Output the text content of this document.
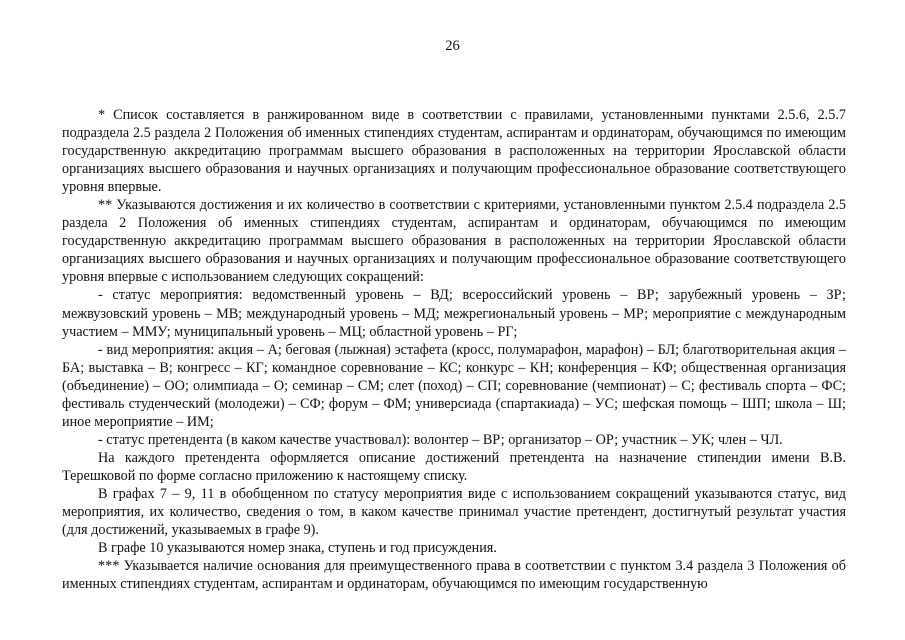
26

* Список составляется в ранжированном виде в соответствии с правилами, установленными пунктами 2.5.6, 2.5.7 подраздела 2.5 раздела 2 Положения об именных стипендиях студентам, аспирантам и ординаторам, обучающимся по имеющим государственную аккредитацию программам высшего образования в расположенных на территории Ярославской области организациях высшего образования и научных организациях и получающим профессиональное образование соответствующего уровня впервые.

** Указываются достижения и их количество в соответствии с критериями, установленными пунктом 2.5.4 подраздела 2.5 раздела 2 Положения об именных стипендиях студентам, аспирантам и ординаторам, обучающимся по имеющим государственную аккредитацию программам высшего образования в расположенных на территории Ярославской области организациях высшего образования и научных организациях и получающим профессиональное образование соответствующего уровня впервые с использованием следующих сокращений:

- статус мероприятия: ведомственный уровень – ВД; всероссийский уровень – ВР; зарубежный уровень – ЗР; межвузовский уровень – МВ; международный уровень – МД; межрегиональный уровень – МР; мероприятие с международным участием – ММУ; муниципальный уровень – МЦ; областной уровень – РГ;

- вид мероприятия: акция – А; беговая (лыжная) эстафета (кросс, полумарафон, марафон) – БЛ; благотворительная акция – БА; выставка – В; конгресс – КГ; командное соревнование – КС; конкурс – КН; конференция – КФ; общественная организация (объединение) – ОО; олимпиада – О; семинар – СМ; слет (поход) – СП; соревнование (чемпионат) – С; фестиваль спорта – ФС; фестиваль студенческий (молодежи) – СФ; форум – ФМ; универсиада (спартакиада) – УС; шефская помощь – ШП; школа – Ш; иное мероприятие – ИМ;

- статус претендента (в каком качестве участвовал): волонтер – ВР; организатор – ОР; участник – УК; член – ЧЛ.

На каждого претендента оформляется описание достижений претендента на назначение стипендии имени В.В. Терешковой по форме согласно приложению к настоящему списку.

В графах 7 – 9, 11 в обобщенном по статусу мероприятия виде с использованием сокращений указываются статус, вид мероприятия, их количество, сведения о том, в каком качестве принимал участие претендент, достигнутый результат участия (для достижений, указываемых в графе 9).

В графе 10 указываются номер знака, ступень и год присуждения.

*** Указывается наличие основания для преимущественного права в соответствии с пунктом 3.4 раздела 3 Положения об именных стипендиях студентам, аспирантам и ординаторам, обучающимся по имеющим государственную
